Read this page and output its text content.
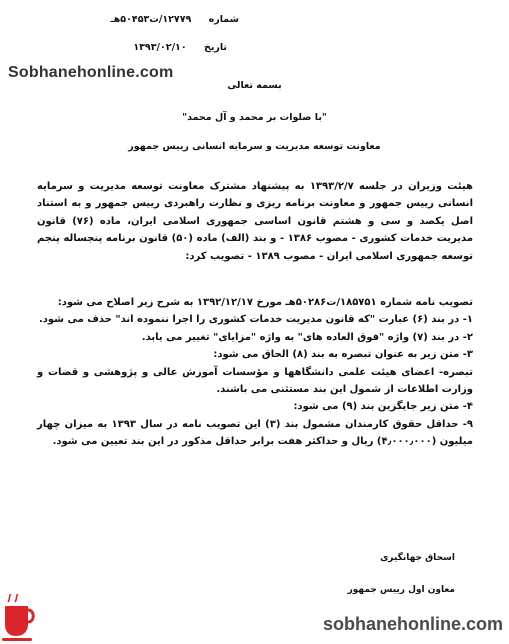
شماره ۱۲۷۷۹/ت۵۰۴۵۳هـ
تاریخ ۱۳۹۳/۰۲/۱۰
Sobhanehonline.com
بسمه تعالی
"با صلوات بر محمد و آل محمد"
معاونت توسعه مدیریت و سرمایه انسانی رییس جمهور
هیئت وزیران در جلسه ۱۳۹۳/۲/۷ به پیشنهاد مشترک معاونت توسعه مدیریت و سرمایه انسانی رییس جمهور و معاونت برنامه ریزی و نظارت راهبردی رییس جمهور و به استناد اصل یکصد و سی و هشتم قانون اساسی جمهوری اسلامی ایران، ماده (۷۶) قانون مدیریت خدمات کشوری - مصوب ۱۳۸۶ - و بند (الف) ماده (۵۰) قانون برنامه پنجساله پنجم توسعه جمهوری اسلامی ایران - مصوب ۱۳۸۹ - تصویب کرد:
تصویب نامه شماره ۱۸۵۷۵۱/ت۵۰۲۸۶هـ مورخ ۱۳۹۲/۱۲/۱۷ به شرح زیر اصلاح می شود:
۱- در بند (۶) عبارت "که قانون مدیریت خدمات کشوری را اجرا ننموده اند" حذف می شود.
۲- در بند (۷) واژه "فوق العاده های" به واژه "مزایای" تغییر می یابد.
۳- متن زیر به عنوان تبصره به بند (۸) الحاق می شود:
تبصره- اعضای هیئت علمی دانشگاهها و مؤسسات آموزش عالی و پژوهشی و قضات و وزارت اطلاعات از شمول این بند مستثنی می باشند.
۴- متن زیر جایگزین بند (۹) می شود:
۹- حداقل حقوق کارمندان مشمول بند (۳) این تصویب نامه در سال ۱۳۹۳ به میزان چهار میلیون (۴٫۰۰۰٫۰۰۰) ریال و حداکثر هفت برابر حداقل مذکور در این بند تعیین می شود.
اسحاق جهانگیری
معاون اول رییس جمهور
sobhanehonline.com
